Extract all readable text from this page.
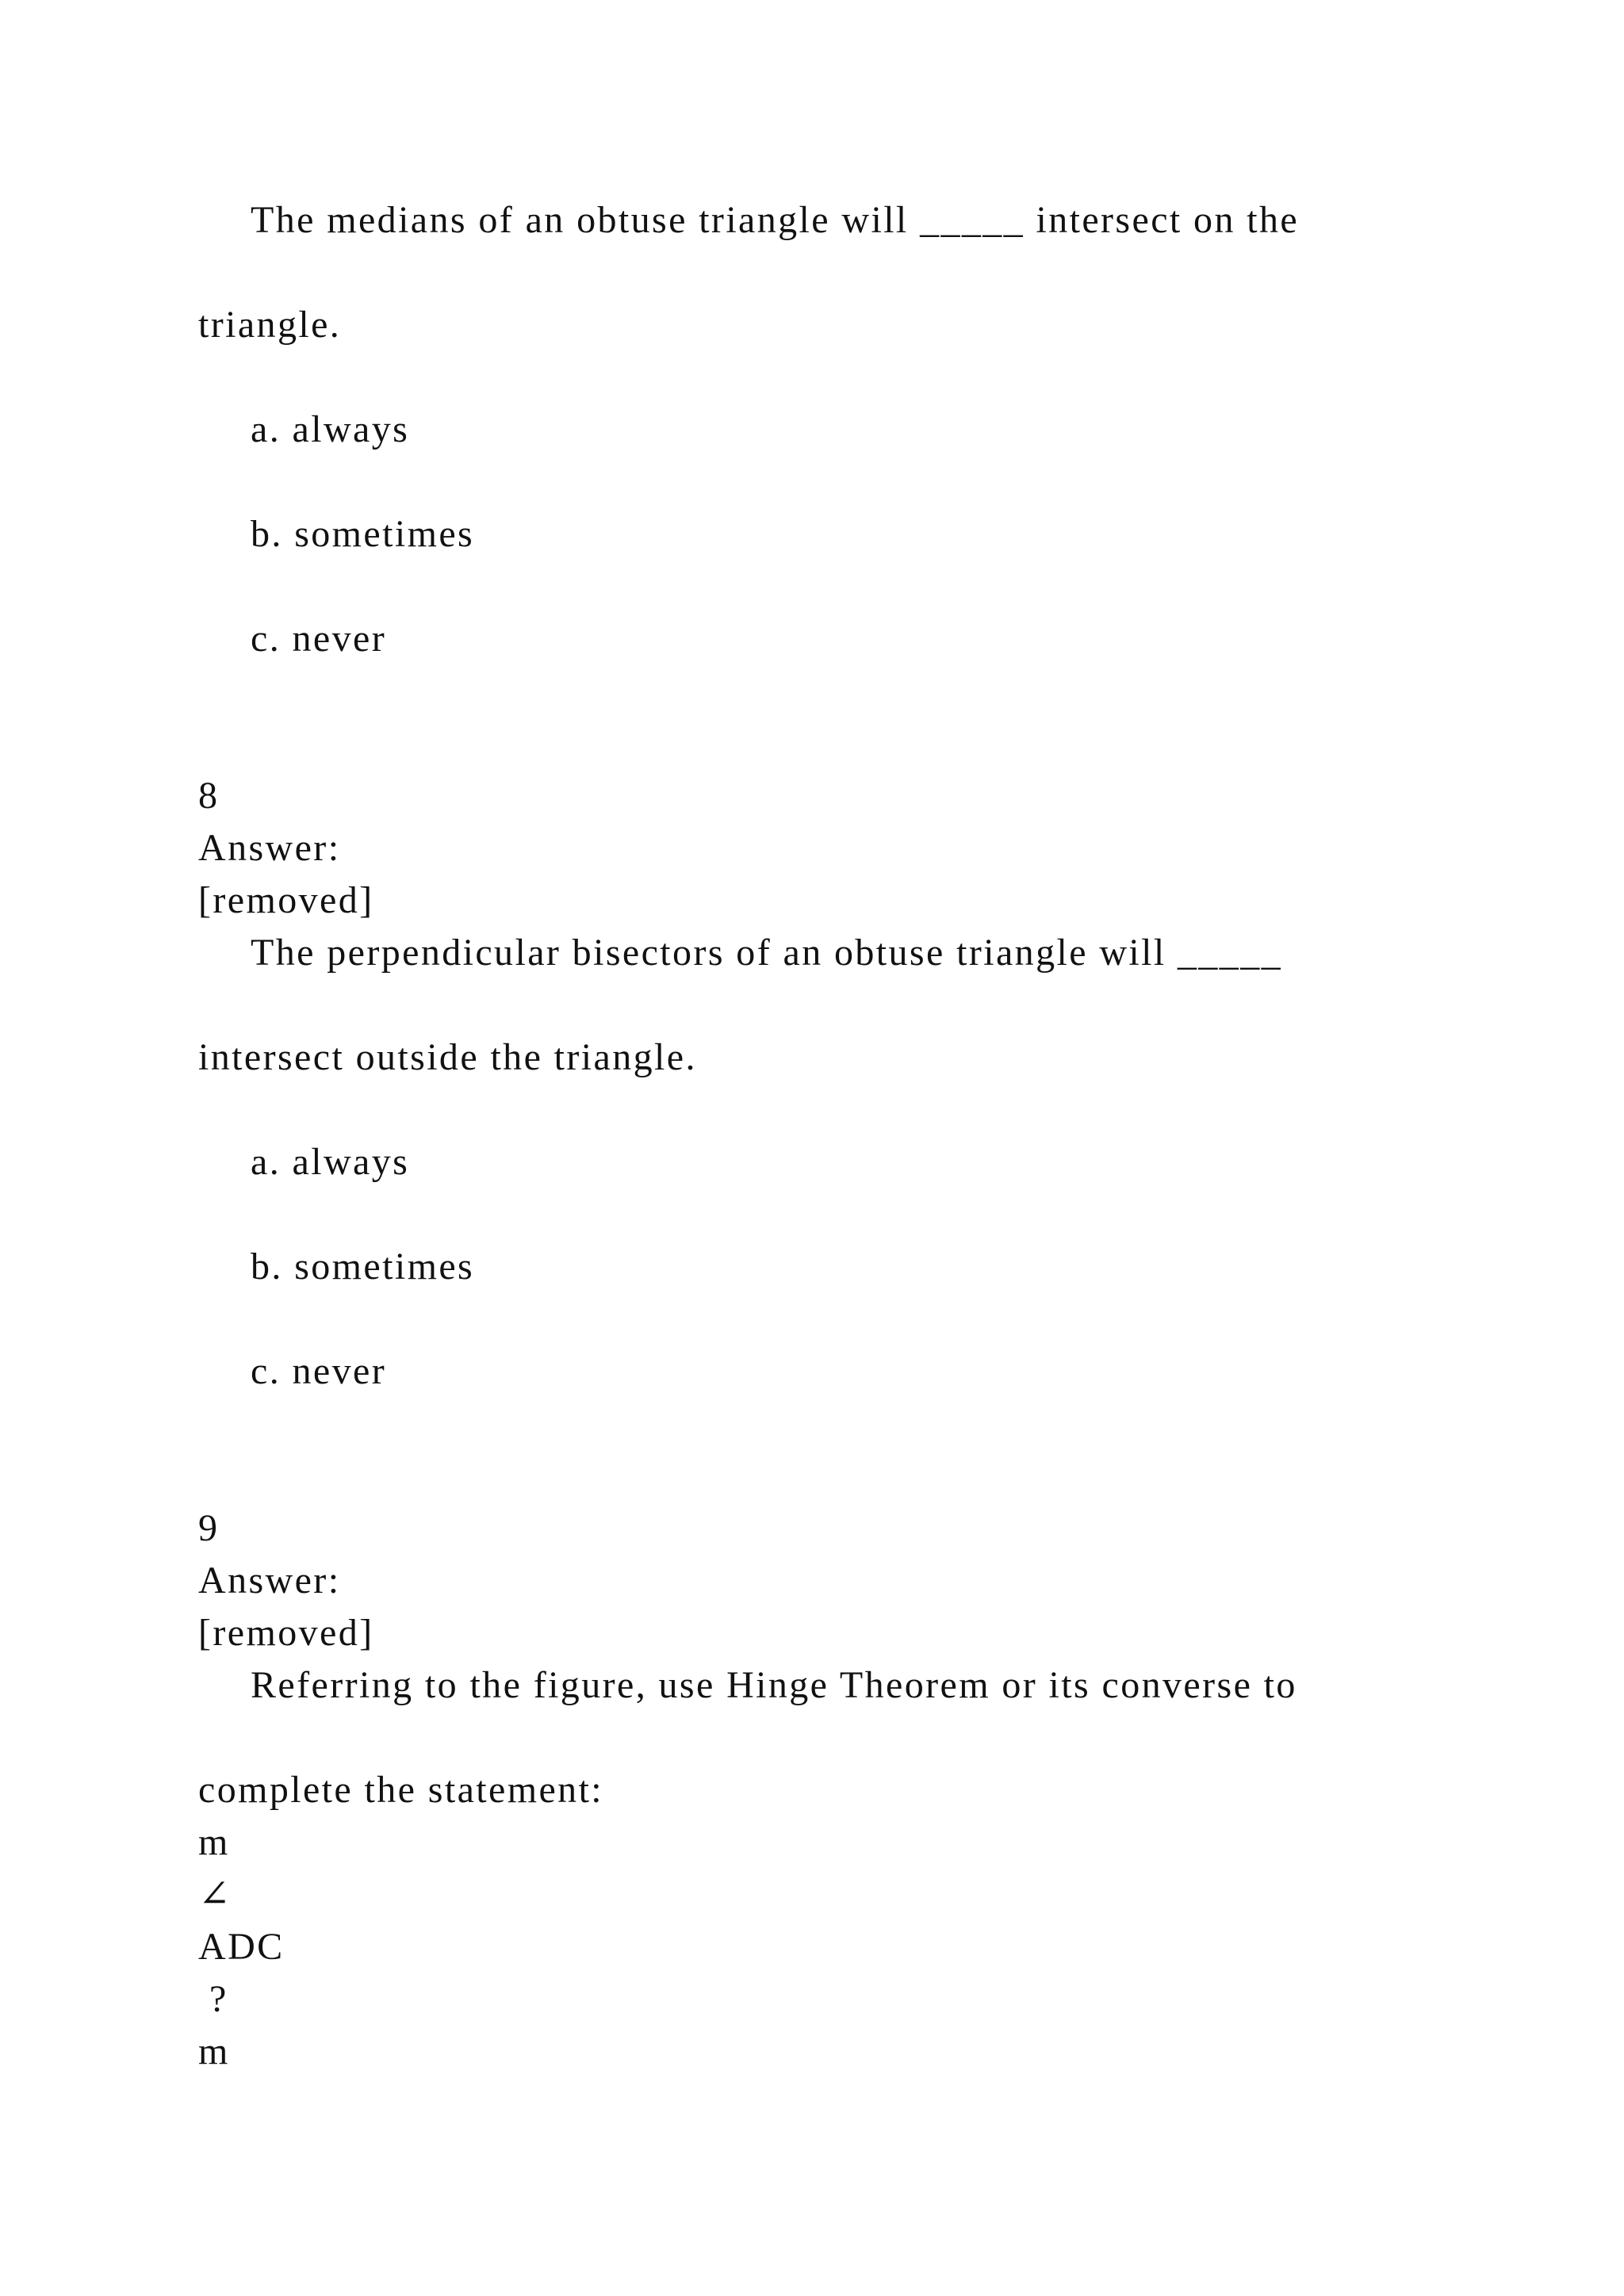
The medians of an obtuse triangle will _____ intersect on the

triangle.

a. always

b. sometimes

c. never

8

Answer:

[removed]

The perpendicular bisectors of an obtuse triangle will _____

intersect outside the triangle.

a. always

b. sometimes

c. never

9

Answer:

[removed]

Referring to the figure, use Hinge Theorem or its converse to

complete the statement:

m

∠

ADC

?

m
